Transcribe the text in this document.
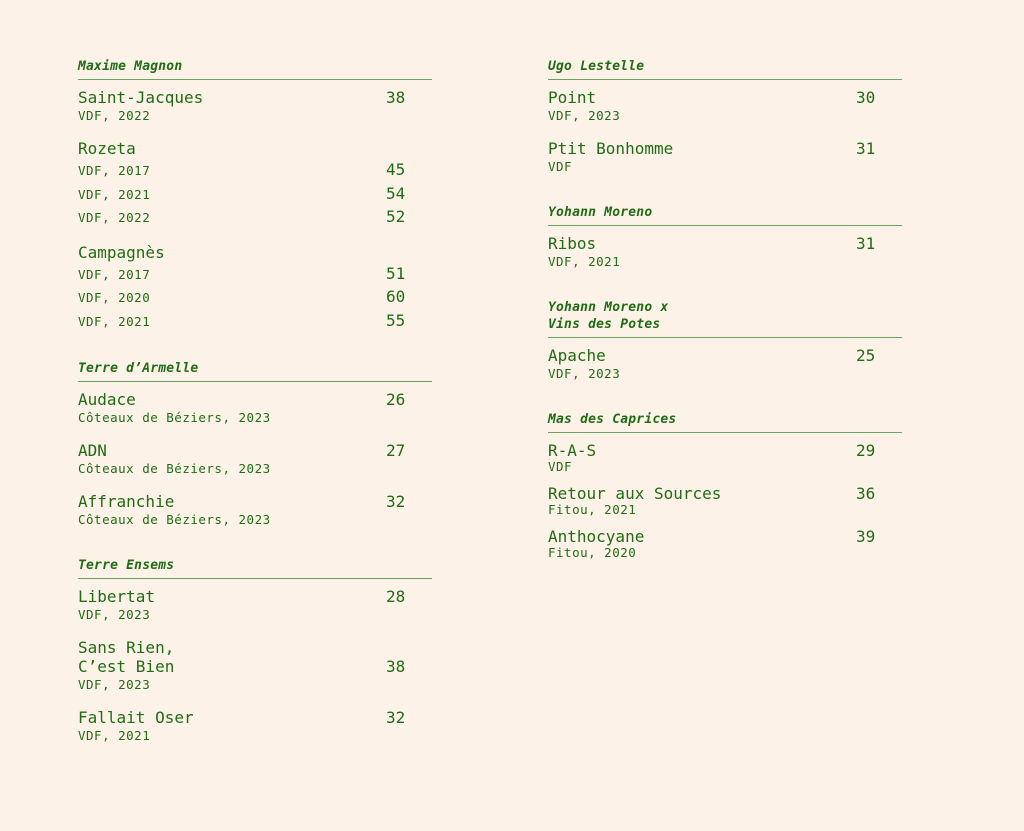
Maxime Magnon
Saint-Jacques	38
VDF, 2022
Rozeta
VDF, 2017	45
VDF, 2021	54
VDF, 2022	52
Campagnès
VDF, 2017	51
VDF, 2020	60
VDF, 2021	55
Terre d’Armelle
Audace	26
Côteaux de Béziers, 2023
ADN	27
Côteaux de Béziers, 2023
Affranchie	32
Côteaux de Béziers, 2023
Terre Ensems
Libertat	28
VDF, 2023
Sans Rien,
C’est Bien	38
VDF, 2023
Fallait Oser	32
VDF, 2021
Ugo Lestelle
Point	30
VDF, 2023
Ptit Bonhomme	31
VDF
Yohann Moreno
Ribos	31
VDF, 2021
Yohann Moreno x
Vins des Potes
Apache	25
VDF, 2023
Mas des Caprices
R-A-S	29
VDF
Retour aux Sources	36
Fitou, 2021
Anthocyane	39
Fitou, 2020
